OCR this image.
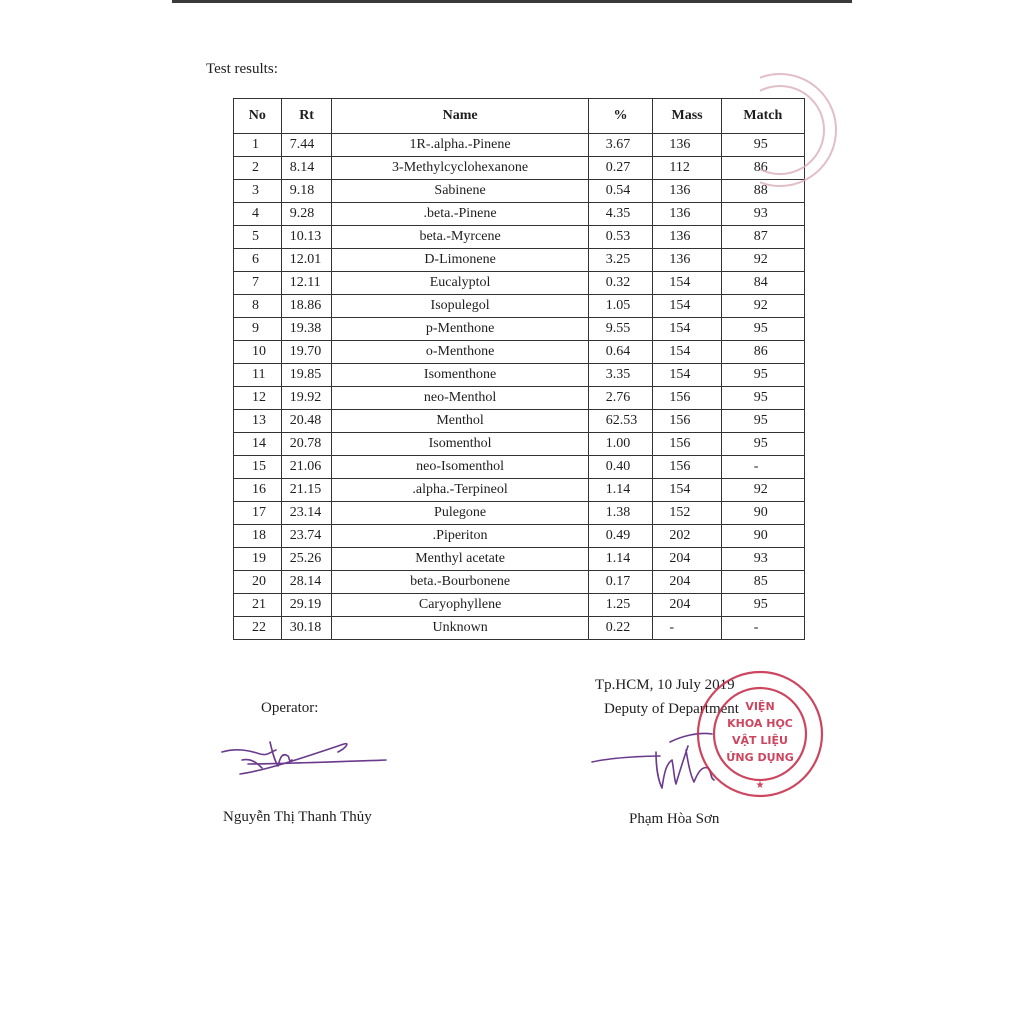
Test results:
No	Rt	Name	%	Mass	Match
1	7.44	1R-.alpha.-Pinene	3.67	136	95
2	8.14	3-Methylcyclohexanone	0.27	112	86
3	9.18	Sabinene	0.54	136	88
4	9.28	.beta.-Pinene	4.35	136	93
5	10.13	beta.-Myrcene	0.53	136	87
6	12.01	D-Limonene	3.25	136	92
7	12.11	Eucalyptol	0.32	154	84
8	18.86	Isopulegol	1.05	154	92
9	19.38	p-Menthone	9.55	154	95
10	19.70	o-Menthone	0.64	154	86
11	19.85	Isomenthone	3.35	154	95
12	19.92	neo-Menthol	2.76	156	95
13	20.48	Menthol	62.53	156	95
14	20.78	Isomenthol	1.00	156	95
15	21.06	neo-Isomenthol	0.40	156	-
16	21.15	.alpha.-Terpineol	1.14	154	92
17	23.14	Pulegone	1.38	152	90
18	23.74	.Piperiton	0.49	202	90
19	25.26	Menthyl acetate	1.14	204	93
20	28.14	beta.-Bourbonene	0.17	204	85
21	29.19	Caryophyllene	1.25	204	95
22	30.18	Unknown	0.22	-	-
Operator:
Nguyễn Thị Thanh Thủy
Tp.HCM, 10 July 2019
Deputy of Department VIỆN
KHOA HỌC
VẬT LIỆU
ỨNG DỤNG
★
Phạm Hòa Sơn
